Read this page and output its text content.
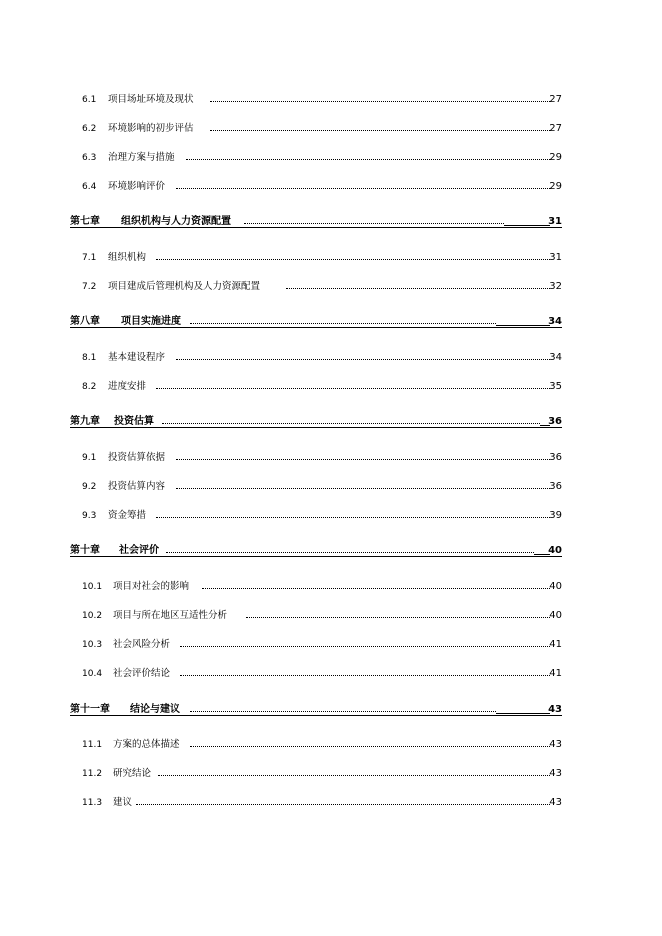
6.1 项目场址环境及现状	27
6.2 环境影响的初步评估	27
6.3 治理方案与措施	29
6.4 环境影响评价	29
第七章 组织机构与人力资源配置	31
7.1 组织机构	31
7.2 项目建成后管理机构及人力资源配置	32
第八章 项目实施进度	34
8.1 基本建设程序	34
8.2 进度安排	35
第九章 投资估算	36
9.1 投资估算依据	36
9.2 投资估算内容	36
9.3 资金筹措	39
第十章 社会评价	40
10.1 项目对社会的影响	40
10.2 项目与所在地区互适性分析	40
10.3 社会风险分析	41
10.4 社会评价结论	41
第十一章 结论与建议	43
11.1 方案的总体描述	43
11.2 研究结论	43
11.3 建议	43
